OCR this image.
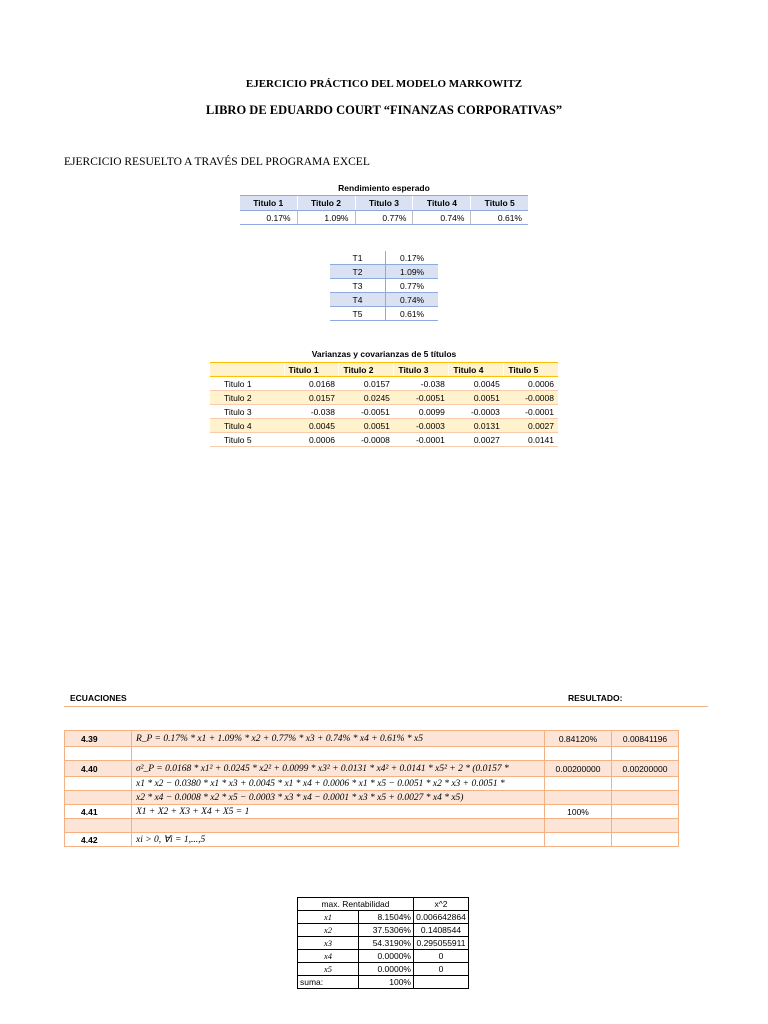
EJERCICIO PRÁCTICO DEL MODELO MARKOWITZ
LIBRO DE EDUARDO COURT “FINANZAS CORPORATIVAS”
EJERCICIO RESUELTO A TRAVÉS DEL PROGRAMA EXCEL
Rendimiento esperado
Titulo 1	Titulo 2	Titulo 3	Titulo 4	Titulo 5
0.17%	1.09%	0.77%	0.74%	0.61%
T1	0.17%
T2	1.09%
T3	0.77%
T4	0.74%
T5	0.61%
Varianzas y covarianzas de 5 títulos
	Titulo 1	Titulo 2	Titulo 3	Titulo 4	Titulo 5
Titulo 1	0.0168	0.0157	-0.038	0.0045	0.0006
Titulo 2	0.0157	0.0245	-0.0051	0.0051	-0.0008
Titulo 3	-0.038	-0.0051	0.0099	-0.0003	-0.0001
Titulo 4	0.0045	0.0051	-0.0003	0.0131	0.0027
Titulo 5	0.0006	-0.0008	-0.0001	0.0027	0.0141
ECUACIONES	RESULTADO:
4.39	R_P = 0.17% * x1 + 1.09% * x2 + 0.77% * x3 + 0.74% * x4 + 0.61% * x5	0.84120%	0.00841196

4.40	σ²_P = 0.0168 * x1² + 0.0245 * x2² + 0.0099 * x3² + 0.0131 * x4² + 0.0141 * x5² + 2 * (0.0157 *	0.00200000	0.00200000
	x1 * x2 − 0.0380 * x1 * x3 + 0.0045 * x1 * x4 + 0.0006 * x1 * x5 − 0.0051 * x2 * x3 + 0.0051 *		
	x2 * x4 − 0.0008 * x2 * x5 − 0.0003 * x3 * x4 − 0.0001 * x3 * x5 + 0.0027 * x4 * x5)		
4.41	X1 + X2 + X3 + X4 + X5 = 1	100%	

4.42	xi > 0, ∀i = 1,...,5		
max. Rentabilidad		x^2
x1	8.1504%	0.006642864
x2	37.5306%	0.1408544
x3	54.3190%	0.295055911
x4	0.0000%	0
x5	0.0000%	0
suma:	100%	
